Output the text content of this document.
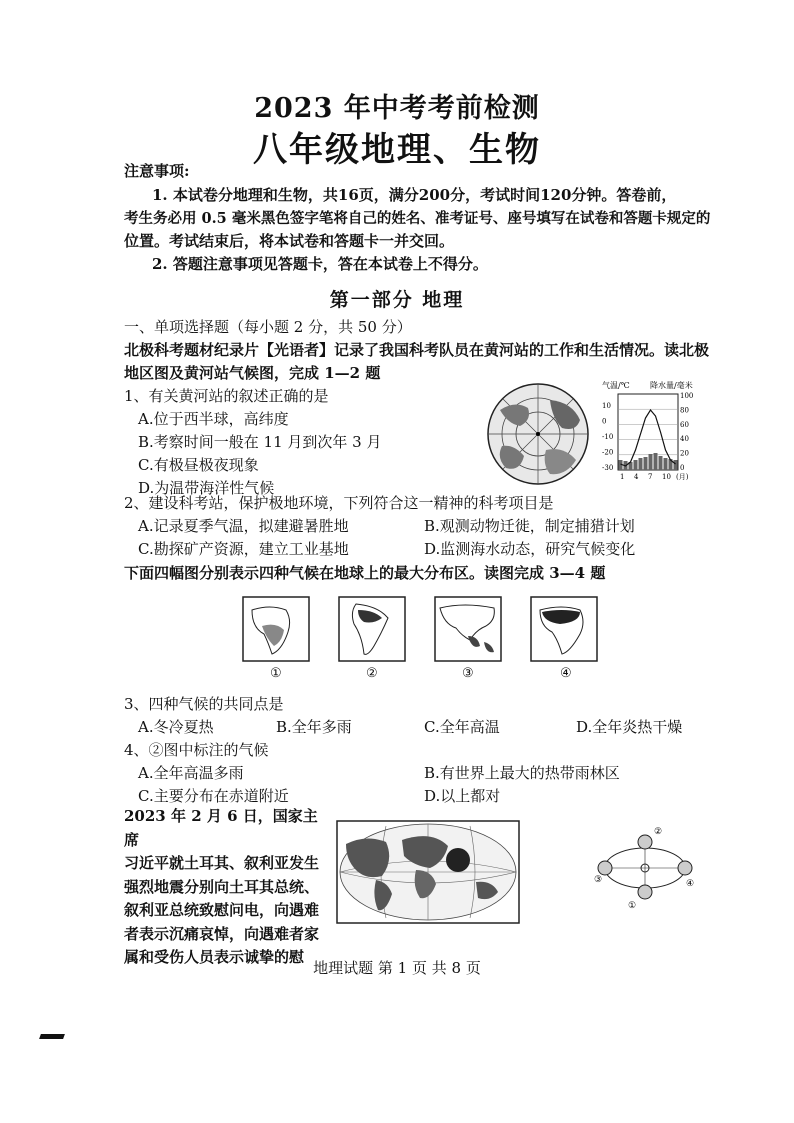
2023 年中考考前检测
八年级地理、生物
注意事项:
1. 本试卷分地理和生物，共16页，满分200分，考试时间120分钟。答卷前，
考生务必用 0.5 毫米黑色签字笔将自己的姓名、准考证号、座号填写在试卷和答题卡规定的
位置。考试结束后，将本试卷和答题卡一并交回。
2. 答题注意事项见答题卡，答在本试卷上不得分。
第一部分 地理
一、单项选择题（每小题 2 分，共 50 分）
北极科考题材纪录片【光语者】记录了我国科考队员在黄河站的工作和生活情况。读北极
地区图及黄河站气候图，完成 1—2 题
1、有关黄河站的叙述正确的是
A.位于西半球，高纬度
B.考察时间一般在 11 月到次年 3 月
C.有极昼极夜现象
D.为温带海洋性气候
气温/℃	降水量/毫米
10
0
-10
-20
-30
100
80
60
40
20
0
1 4 7 10 (月)
2、建设科考站，保护极地环境，下列符合这一精神的科考项目是
A.记录夏季气温，拟建避暑胜地	B.观测动物迁徙，制定捕猎计划
C.勘探矿产资源，建立工业基地	D.监测海水动态，研究气候变化
下面四幅图分别表示四种气候在地球上的最大分布区。读图完成 3—4 题
①	②	③	④
3、四种气候的共同点是
A.冬冷夏热	B.全年多雨	C.全年高温	D.全年炎热干燥
4、②图中标注的气候
A.全年高温多雨	B.有世界上最大的热带雨林区
C.主要分布在赤道附近	D.以上都对
2023 年 2 月 6 日，国家主席
习近平就土耳其、叙利亚发生
强烈地震分别向土耳其总统、
叙利亚总统致慰问电，向遇难
者表示沉痛哀悼，向遇难者家
属和受伤人员表示诚挚的慰
②
③
①
④
地理试题 第 1 页 共 8 页
